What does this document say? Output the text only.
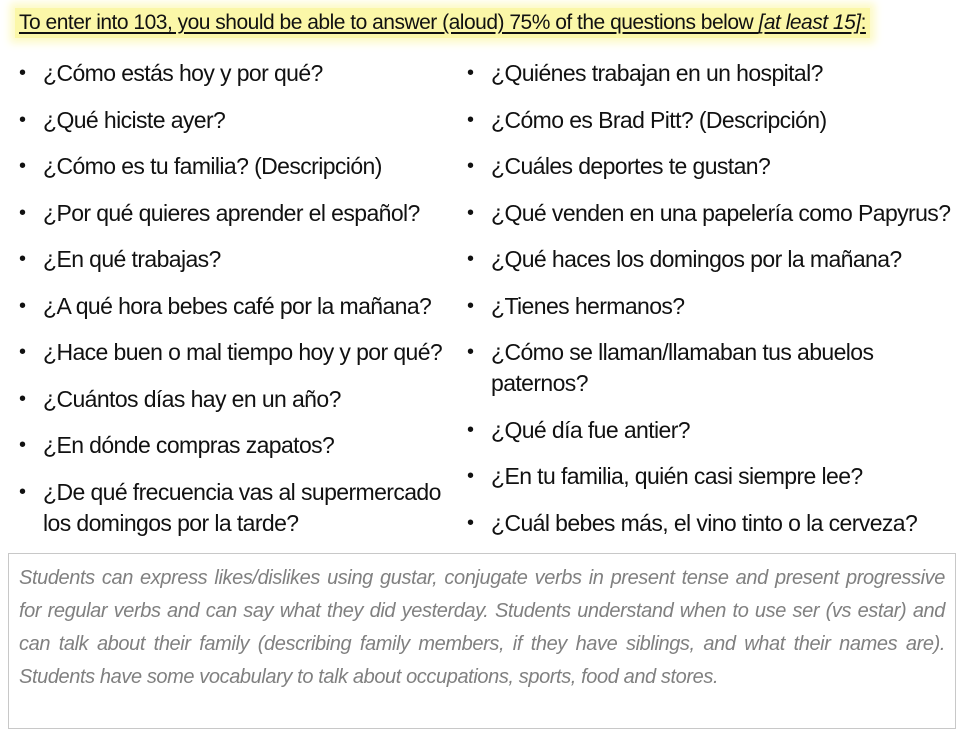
To enter into 103, you should be able to answer (aloud) 75% of the questions below [at least 15]:
• ¿Cómo estás hoy y por qué?
• ¿Qué hiciste ayer?
• ¿Cómo es tu familia? (Descripción)
• ¿Por qué quieres aprender el español?
• ¿En qué trabajas?
• ¿A qué hora bebes café por la mañana?
• ¿Hace buen o mal tiempo hoy y por qué?
• ¿Cuántos días hay en un año?
• ¿En dónde compras zapatos?
• ¿De qué frecuencia vas al supermercado los domingos por la tarde?
• ¿Quiénes trabajan en un hospital?
• ¿Cómo es Brad Pitt? (Descripción)
• ¿Cuáles deportes te gustan?
• ¿Qué venden en una papelería como Papyrus?
• ¿Qué haces los domingos por la mañana?
• ¿Tienes hermanos?
• ¿Cómo se llaman/llamaban tus abuelos paternos?
• ¿Qué día fue antier?
• ¿En tu familia, quién casi siempre lee?
• ¿Cuál bebes más, el vino tinto o la cerveza?
Students can express likes/dislikes using gustar, conjugate verbs in present tense and present progressive for regular verbs and can say what they did yesterday. Students understand when to use ser (vs estar) and can talk about their family (describing family members, if they have siblings, and what their names are). Students have some vocabulary to talk about occupations, sports, food and stores.
